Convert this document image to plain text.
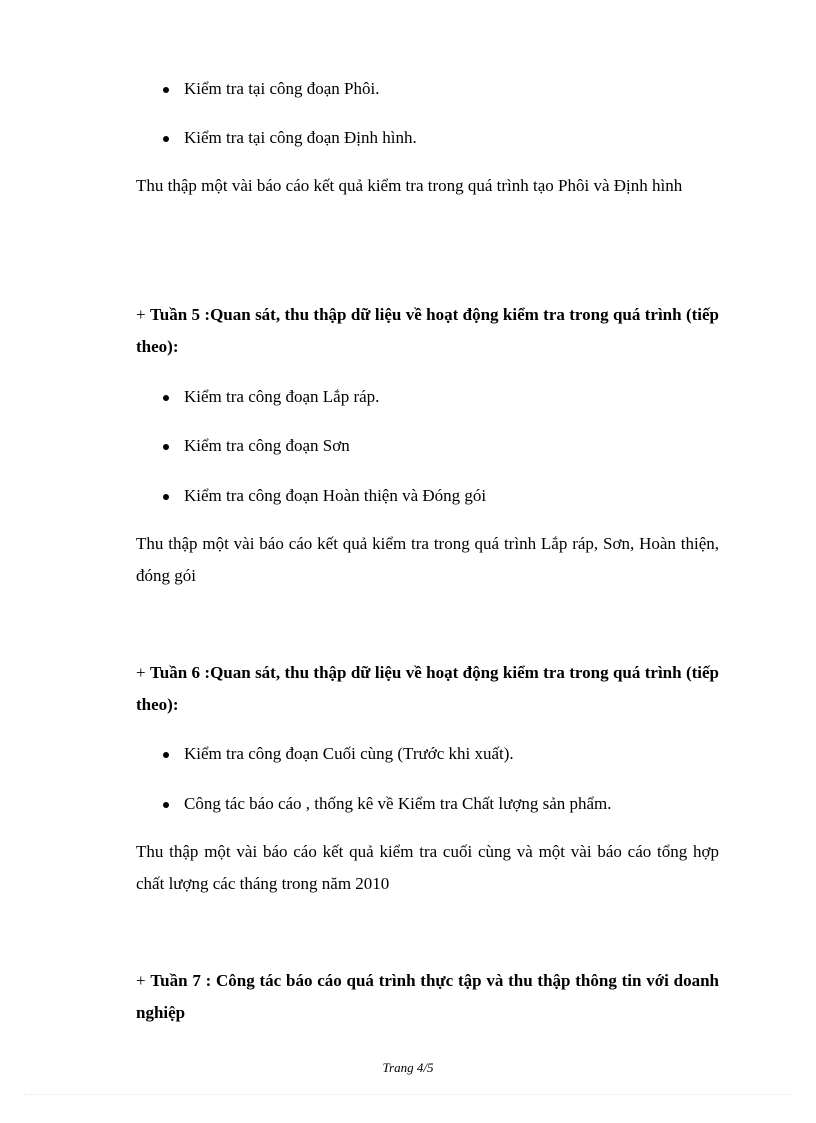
Kiểm tra tại công đoạn Phôi.
Kiểm tra tại công đoạn Định hình.
Thu thập một vài báo cáo kết quả kiểm tra trong quá trình tạo Phôi và Định hình
+ Tuần 5 :Quan sát, thu thập dữ liệu về hoạt động kiểm tra trong quá trình (tiếp theo):
Kiểm tra công đoạn Lắp ráp.
Kiểm tra công đoạn Sơn
Kiểm tra công đoạn Hoàn thiện và Đóng gói
Thu thập một vài báo cáo kết quả kiểm tra trong quá trình Lắp ráp, Sơn, Hoàn thiện, đóng gói
+ Tuần 6 :Quan sát, thu thập dữ liệu về hoạt động kiểm tra trong quá trình (tiếp theo):
Kiểm tra công đoạn Cuối cùng (Trước khi xuất).
Công tác báo cáo , thống kê về Kiểm tra Chất lượng sản phẩm.
Thu thập một vài báo cáo kết quả kiểm tra cuối cùng và một vài báo cáo tổng hợp chất lượng các tháng trong năm 2010
+ Tuần 7 : Công tác báo cáo quá trình thực tập và thu thập thông tin với doanh nghiệp
Trang 4/5
